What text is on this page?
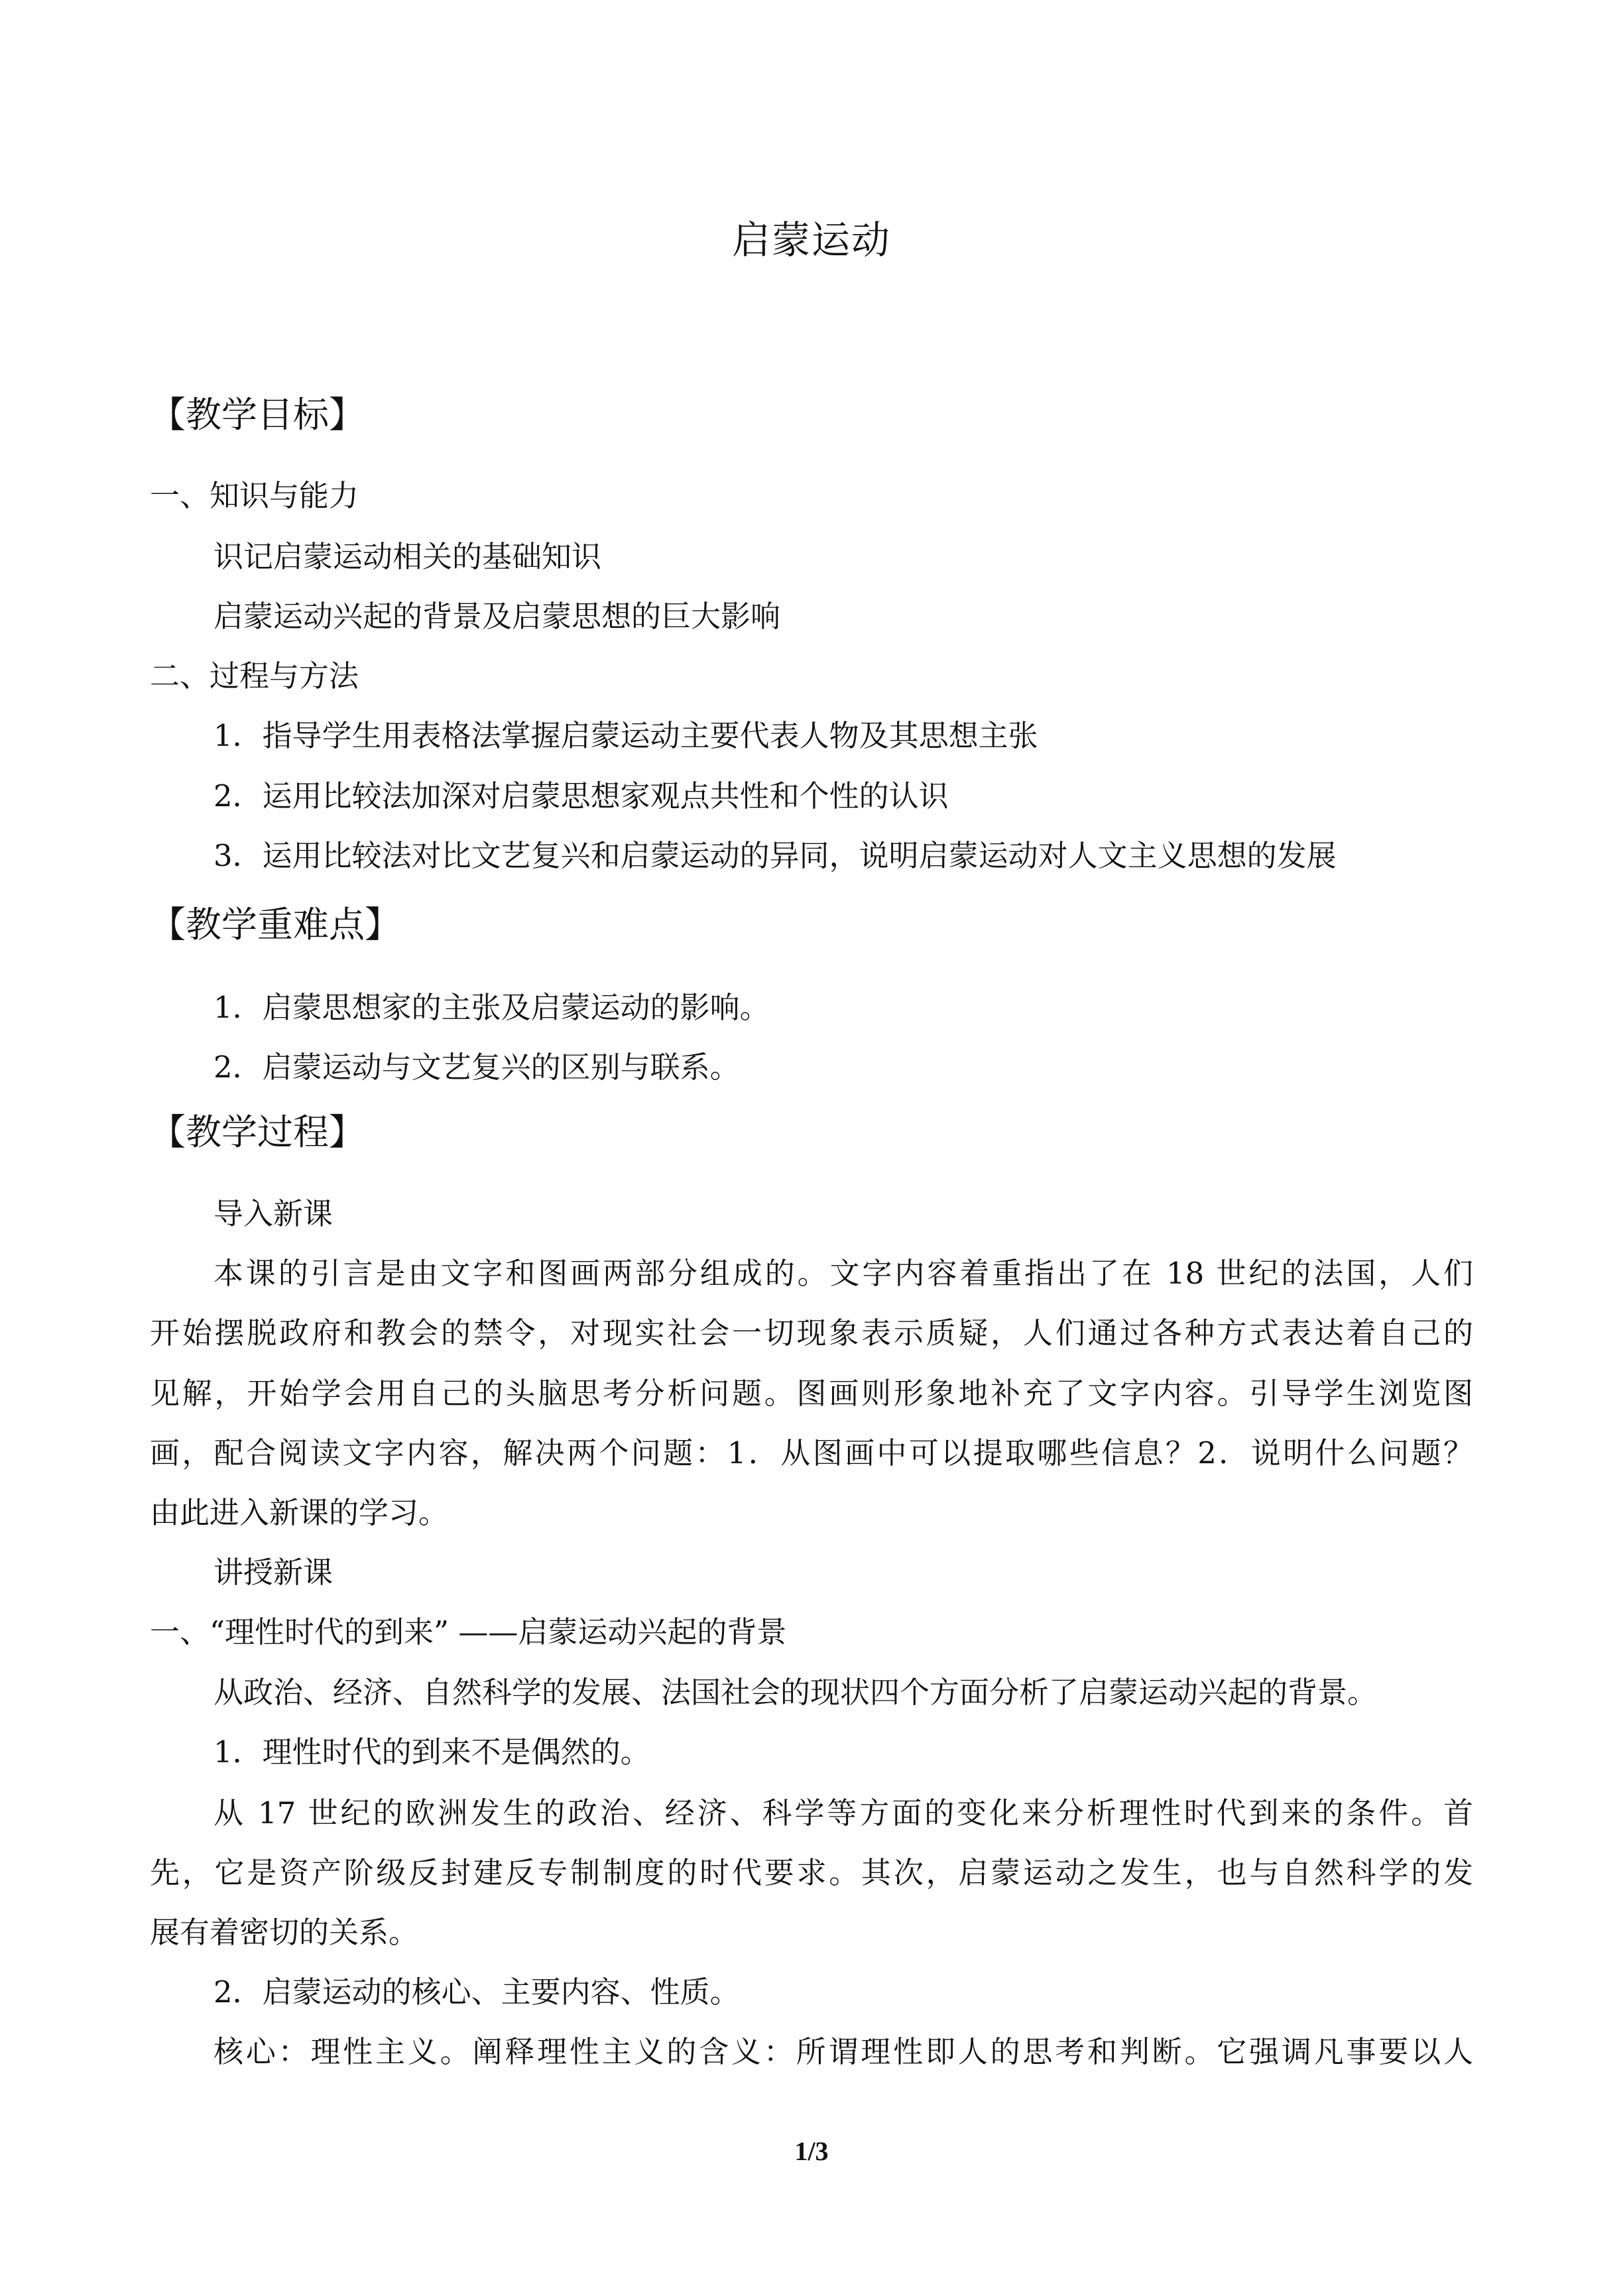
启蒙运动
【教学目标】
一、知识与能力
识记启蒙运动相关的基础知识
启蒙运动兴起的背景及启蒙思想的巨大影响
二、过程与方法
1．指导学生用表格法掌握启蒙运动主要代表人物及其思想主张
2．运用比较法加深对启蒙思想家观点共性和个性的认识
3．运用比较法对比文艺复兴和启蒙运动的异同，说明启蒙运动对人文主义思想的发展
【教学重难点】
1．启蒙思想家的主张及启蒙运动的影响。
2．启蒙运动与文艺复兴的区别与联系。
【教学过程】
导入新课
本课的引言是由文字和图画两部分组成的。文字内容着重指出了在 18 世纪的法国，人们
开始摆脱政府和教会的禁令，对现实社会一切现象表示质疑，人们通过各种方式表达着自己的
见解，开始学会用自己的头脑思考分析问题。图画则形象地补充了文字内容。引导学生浏览图
画，配合阅读文字内容，解决两个问题：1．从图画中可以提取哪些信息？2．说明什么问题？
由此进入新课的学习。
讲授新课
一、“理性时代的到来” ——启蒙运动兴起的背景
从政治、经济、自然科学的发展、法国社会的现状四个方面分析了启蒙运动兴起的背景。
1．理性时代的到来不是偶然的。
从 17 世纪的欧洲发生的政治、经济、科学等方面的变化来分析理性时代到来的条件。首
先，它是资产阶级反封建反专制制度的时代要求。其次，启蒙运动之发生，也与自然科学的发
展有着密切的关系。
2．启蒙运动的核心、主要内容、性质。
核心：理性主义。阐释理性主义的含义：所谓理性即人的思考和判断。它强调凡事要以人
1/3
